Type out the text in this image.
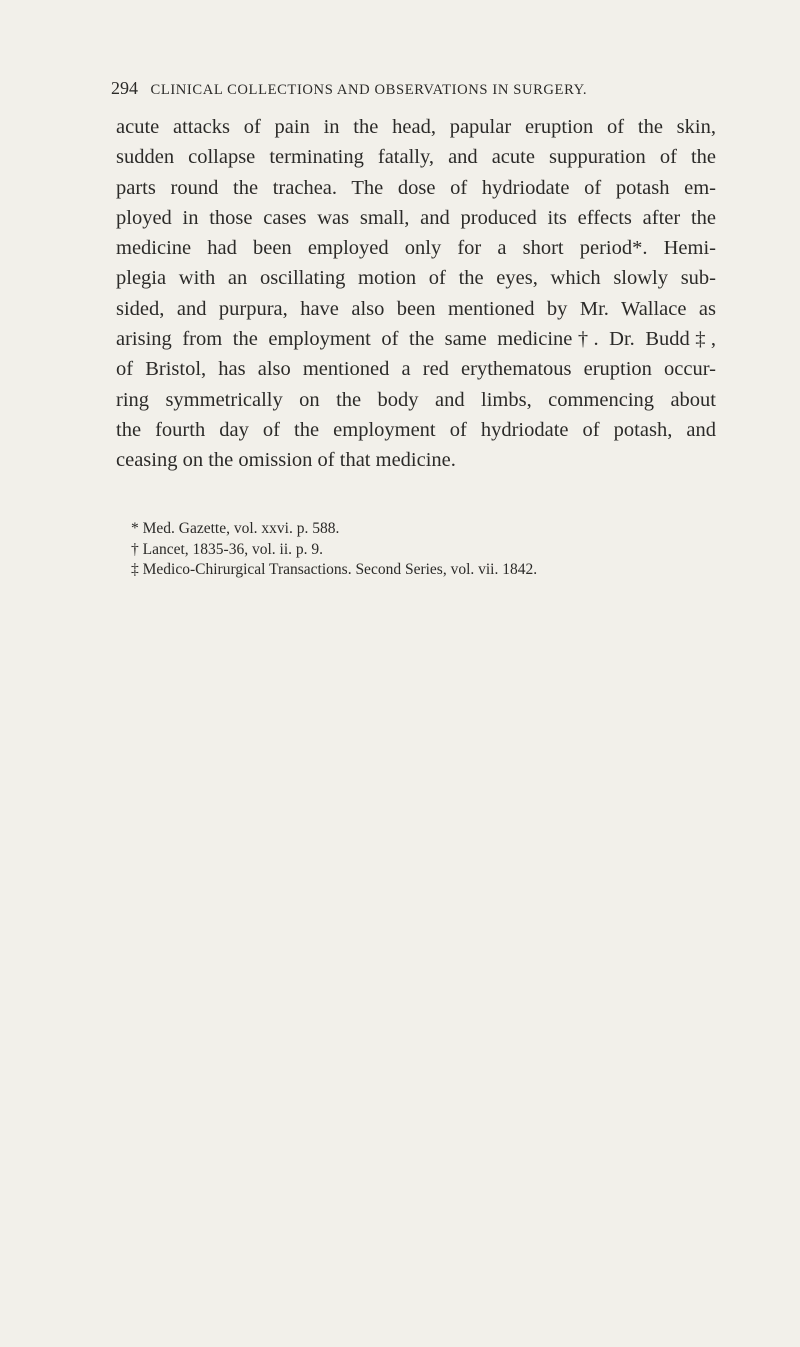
294 CLINICAL COLLECTIONS AND OBSERVATIONS IN SURGERY.
acute attacks of pain in the head, papular eruption of the skin,
sudden collapse terminating fatally, and acute suppuration of the
parts round the trachea. The dose of hydriodate of potash em-
ployed in those cases was small, and produced its effects after the
medicine had been employed only for a short period*. Hemi-
plegia with an oscillating motion of the eyes, which slowly sub-
sided, and purpura, have also been mentioned by Mr. Wallace as
arising from the employment of the same medicine†. Dr. Budd‡,
of Bristol, has also mentioned a red erythematous eruption occur-
ring symmetrically on the body and limbs, commencing about
the fourth day of the employment of hydriodate of potash, and
ceasing on the omission of that medicine.
* Med. Gazette, vol. xxvi. p. 588.
† Lancet, 1835-36, vol. ii. p. 9.
‡ Medico-Chirurgical Transactions. Second Series, vol. vii. 1842.
